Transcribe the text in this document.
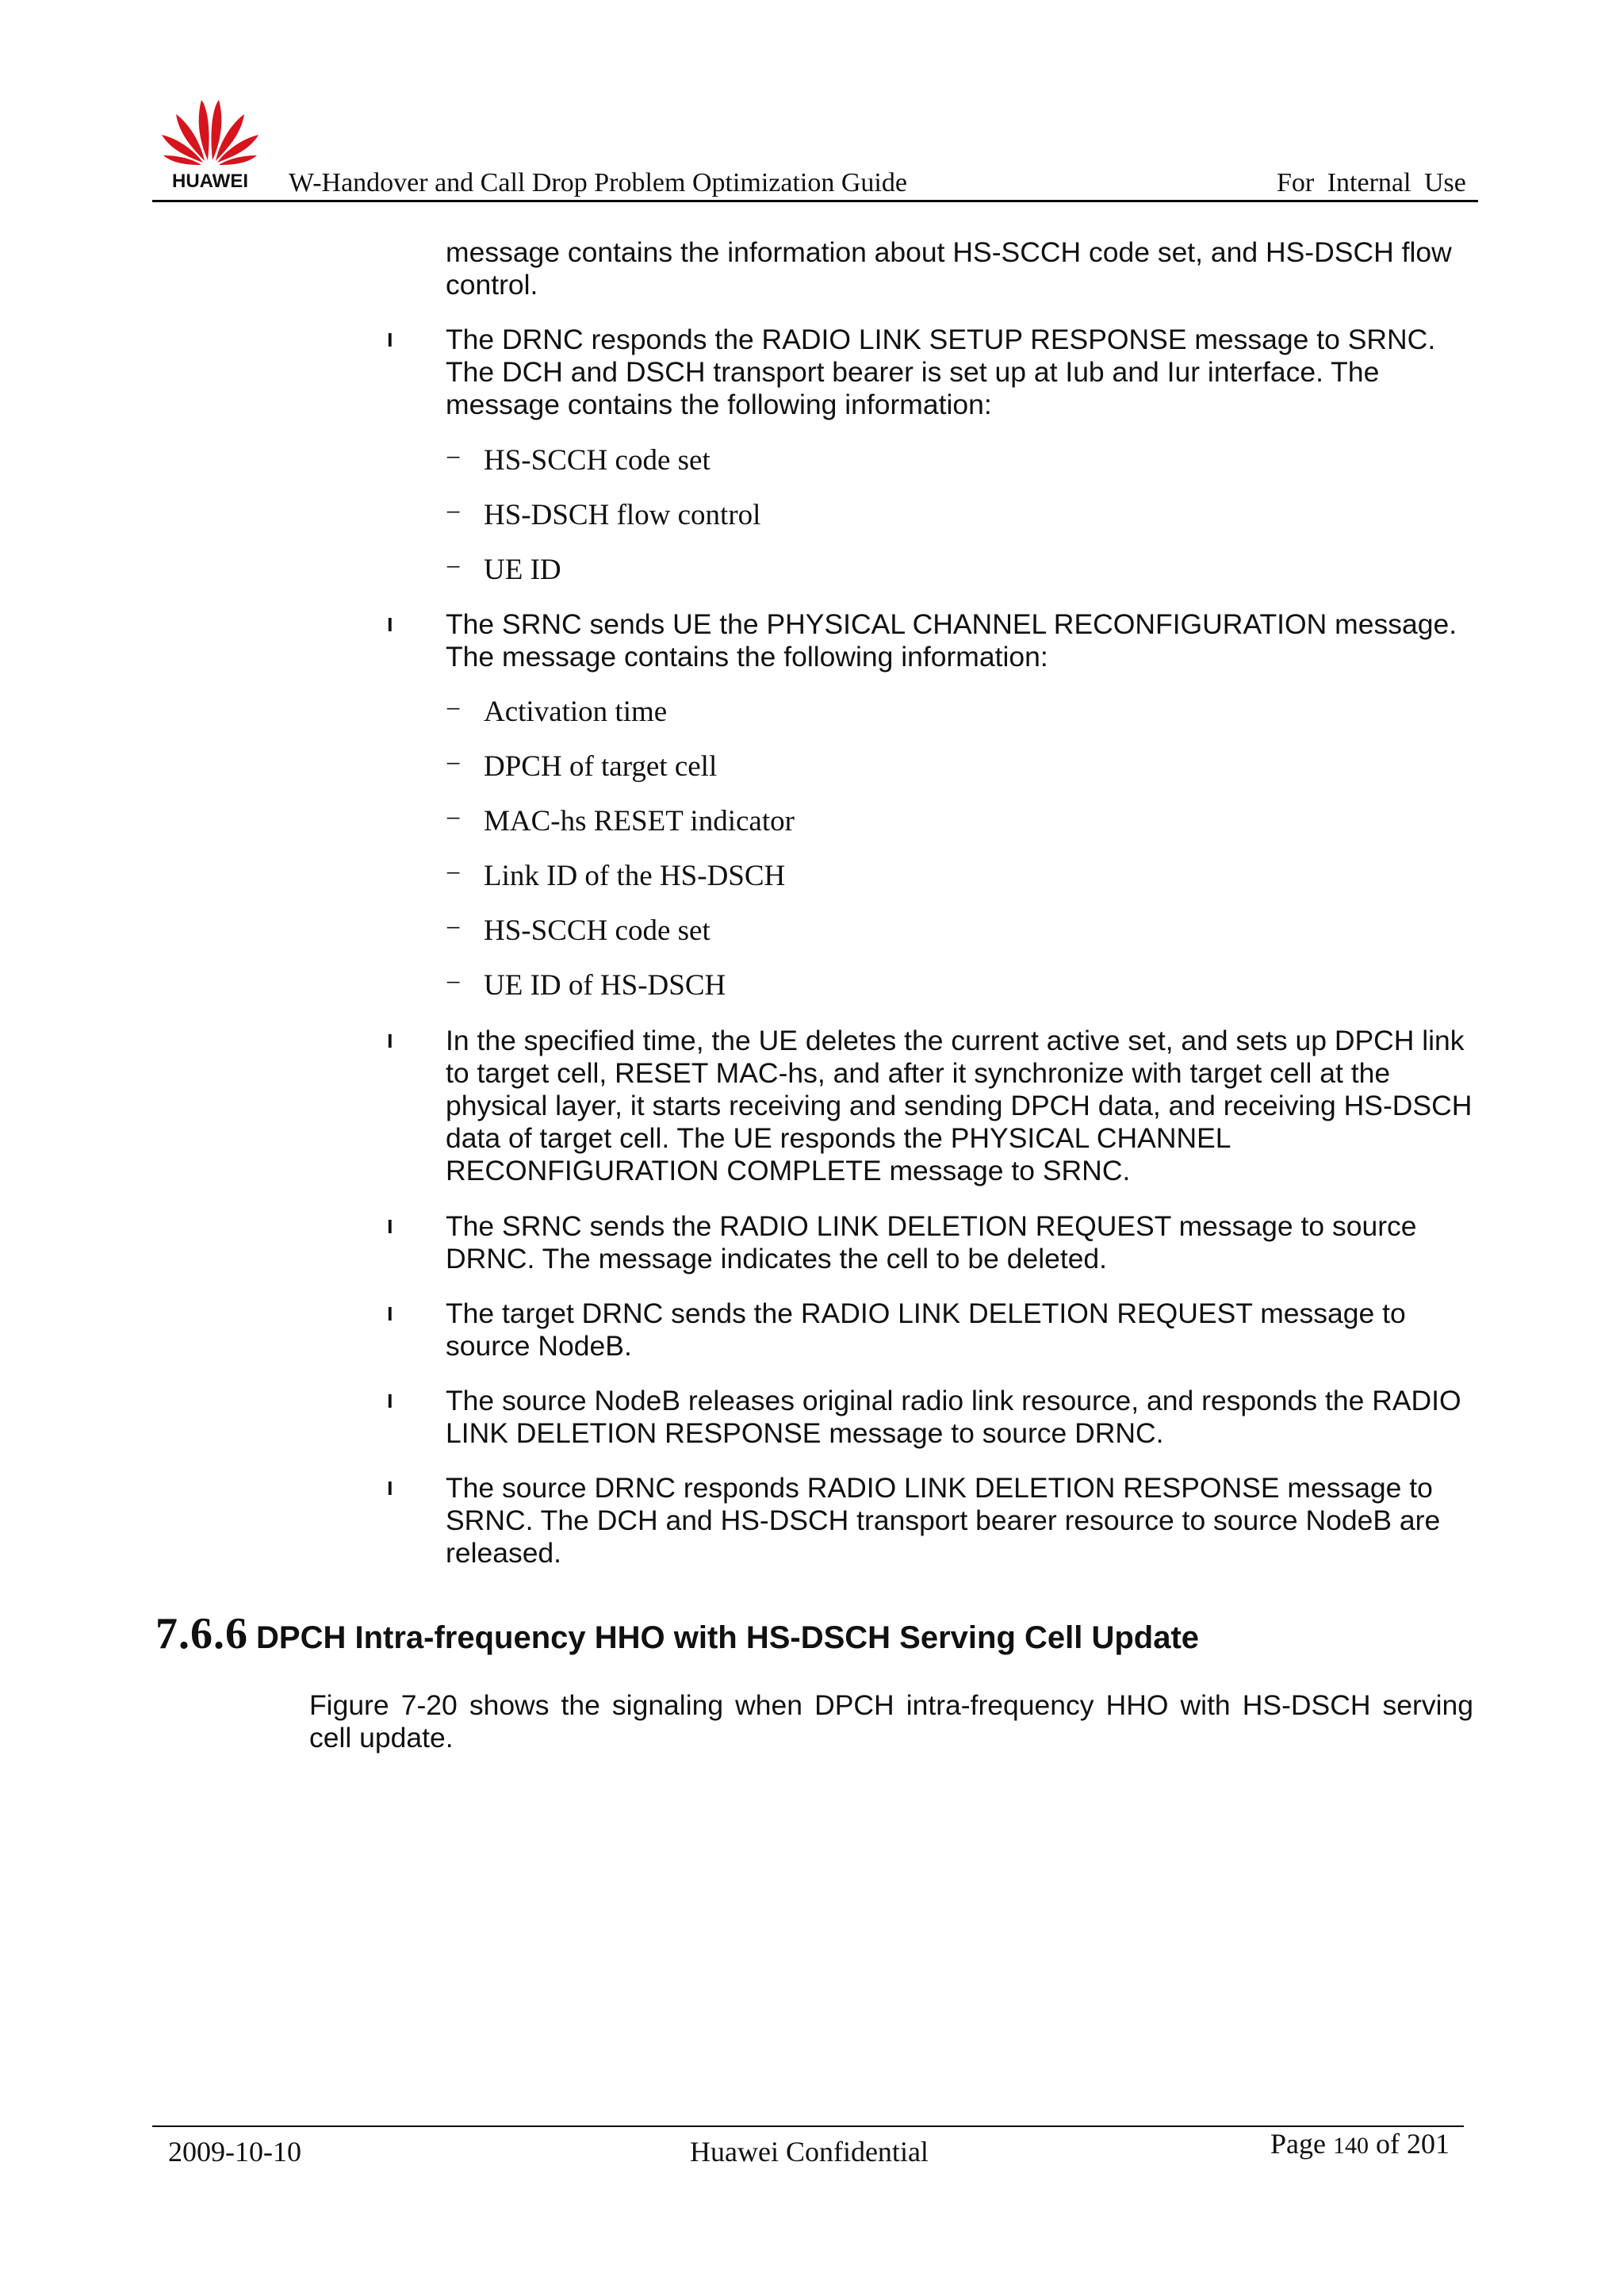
HUAWEI W-Handover and Call Drop Problem Optimization Guide	For Internal Use

message contains the information about HS-SCCH code set, and HS-DSCH flow control.

l The DRNC responds the RADIO LINK SETUP RESPONSE message to SRNC. The DCH and DSCH transport bearer is set up at Iub and Iur interface. The message contains the following information:

− HS-SCCH code set
− HS-DSCH flow control
− UE ID
l The SRNC sends UE the PHYSICAL CHANNEL RECONFIGURATION message. The message contains the following information:

− Activation time
− DPCH of target cell
− MAC-hs RESET indicator
− Link ID of the HS-DSCH
− HS-SCCH code set
− UE ID of HS-DSCH
l In the specified time, the UE deletes the current active set, and sets up DPCH link to target cell, RESET MAC-hs, and after it synchronize with target cell at the physical layer, it starts receiving and sending DPCH data, and receiving HS-DSCH data of target cell. The UE responds the PHYSICAL CHANNEL RECONFIGURATION COMPLETE message to SRNC.

l The SRNC sends the RADIO LINK DELETION REQUEST message to source DRNC. The message indicates the cell to be deleted.

l The target DRNC sends the RADIO LINK DELETION REQUEST message to source NodeB.

l The source NodeB releases original radio link resource, and responds the RADIO LINK DELETION RESPONSE message to source DRNC.

l The source DRNC responds RADIO LINK DELETION RESPONSE message to SRNC. The DCH and HS-DSCH transport bearer resource to source NodeB are released.

7.6.6 DPCH Intra-frequency HHO with HS-DSCH Serving Cell Update

Figure 7-20 shows the signaling when DPCH intra-frequency HHO with HS-DSCH serving cell update.

2009-10-10	Huawei Confidential	Page 140 of 201
